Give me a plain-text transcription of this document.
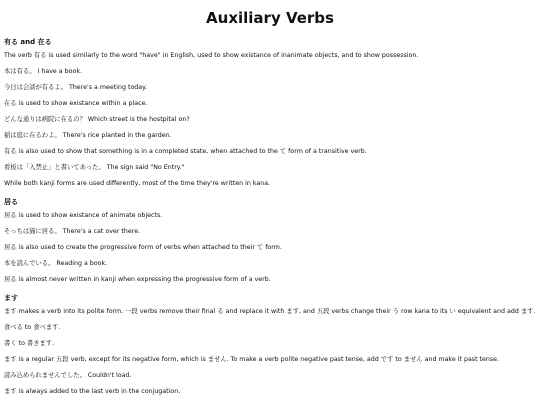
Auxiliary Verbs
有る and 在る

The verb 有る is used similarly to the word "have" in English, used to show existance of inanimate objects, and to show possession.

本は有る。 I have a book.

今日は会談が有るよ。 There's a meeting today.

在る is used to show existance within a place.

どんな通りは病院に在るの？ Which street is the hostpital on?

稲は庭に在るわよ。 There's rice planted in the garden.

有る is also used to show that something is in a completed state, when attached to the て form of a transitive verb.

看板は「入禁止」と書いてあった。 The sign said "No Entry."

While both kanji forms are used differently, most of the time they're written in kana.

居る

居る is used to show existance of animate objects.

そっちは猫に居る。 There's a cat over there.

居る is also used to create the progressive form of verbs when attached to their て form.

本を読んでいる。 Reading a book.

居る is almost never written in kanji when expressing the progressive form of a verb.

ます

ます makes a verb into its polite form. 一段 verbs remove their final る and replace it with ます, and 五段 verbs change their う row kana to its い equivalent and add ます.

食べる to 食べます.

書く to 書きます.

ます is a regular 五段 verb, except for its negative form, which is ません. To make a verb polite negative past tense, add です to ません and make it past tense.

読み込められませんでした。 Couldn't load.

ます is always added to the last verb in the conjugation.
